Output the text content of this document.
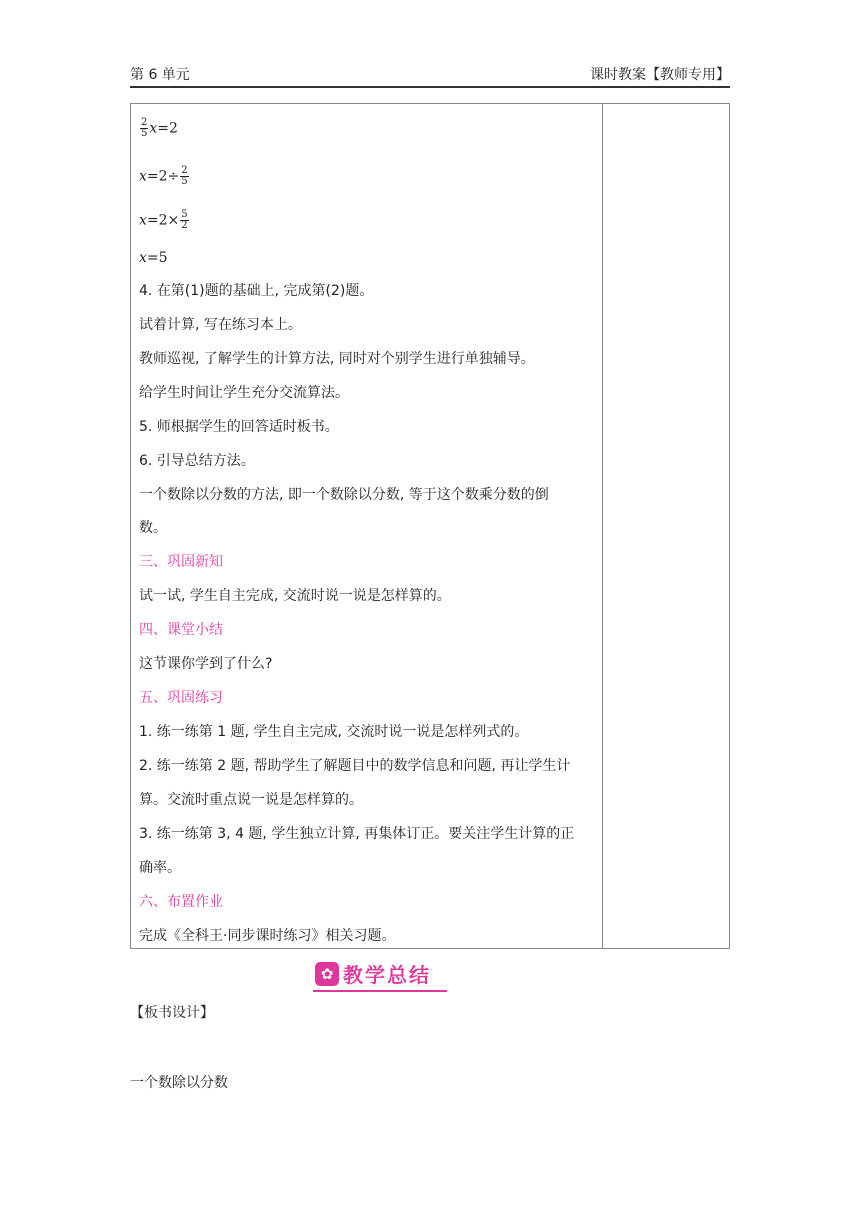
第 6 单元	课时教案【教师专用】
$\frac{2}{5} x=2$
$x=2\div \frac{2}{5}$
$x=2\times \frac{5}{2}$
x=5
4. 在第(1)题的基础上, 完成第(2)题。
试着计算, 写在练习本上。
教师巡视, 了解学生的计算方法, 同时对个别学生进行单独辅导。
给学生时间让学生充分交流算法。
5. 师根据学生的回答适时板书。
6. 引导总结方法。
一个数除以分数的方法, 即一个数除以分数, 等于这个数乘分数的倒
数。
三、巩固新知
试一试, 学生自主完成, 交流时说一说是怎样算的。
四、课堂小结
这节课你学到了什么?
五、巩固练习
1. 练一练第 1 题, 学生自主完成, 交流时说一说是怎样列式的。
2. 练一练第 2 题, 帮助学生了解题目中的数学信息和问题, 再让学生计
算。交流时重点说一说是怎样算的。
3. 练一练第 3, 4 题, 学生独立计算, 再集体订正。要关注学生计算的正
确率。
六、布置作业
完成《全科王·同步课时练习》相关习题。
✿ 教学总结
【板书设计】
一个数除以分数
